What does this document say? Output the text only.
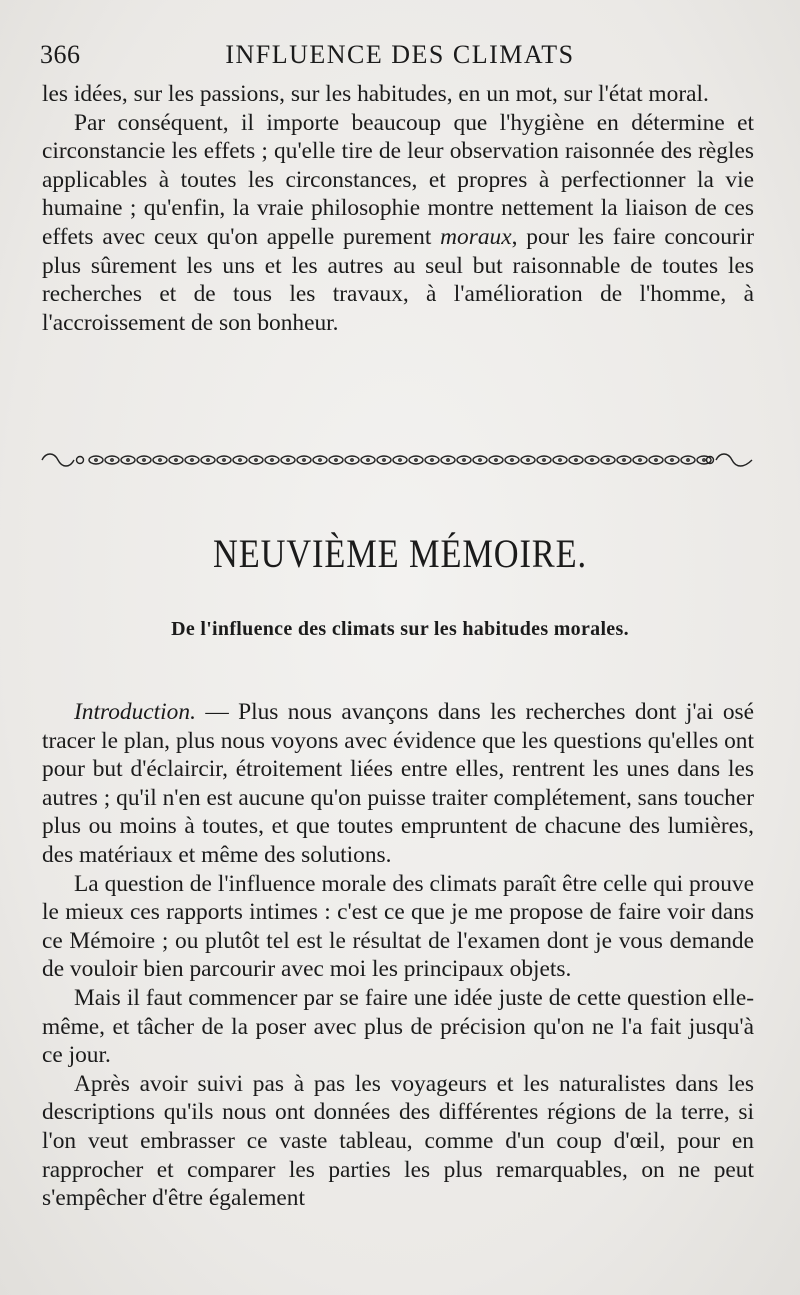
366	INFLUENCE DES CLIMATS

les idées, sur les passions, sur les habitudes, en un mot, sur l'état moral.

Par conséquent, il importe beaucoup que l'hygiène en détermine et circonstancie les effets ; qu'elle tire de leur observation raisonnée des règles applicables à toutes les circonstances, et propres à perfectionner la vie humaine ; qu'enfin, la vraie philosophie montre nettement la liaison de ces effets avec ceux qu'on appelle purement moraux, pour les faire concourir plus sûrement les uns et les autres au seul but raisonnable de toutes les recherches et de tous les travaux, à l'amélioration de l'homme, à l'accroissement de son bonheur.

NEUVIÈME MÉMOIRE.
De l'influence des climats sur les habitudes morales.

Introduction. — Plus nous avançons dans les recherches dont j'ai osé tracer le plan, plus nous voyons avec évidence que les questions qu'elles ont pour but d'éclaircir, étroitement liées entre elles, rentrent les unes dans les autres ; qu'il n'en est aucune qu'on puisse traiter complétement, sans toucher plus ou moins à toutes, et que toutes empruntent de chacune des lumières, des matériaux et même des solutions.

La question de l'influence morale des climats paraît être celle qui prouve le mieux ces rapports intimes : c'est ce que je me propose de faire voir dans ce Mémoire ; ou plutôt tel est le résultat de l'examen dont je vous demande de vouloir bien parcourir avec moi les principaux objets.

Mais il faut commencer par se faire une idée juste de cette question elle-même, et tâcher de la poser avec plus de précision qu'on ne l'a fait jusqu'à ce jour.

Après avoir suivi pas à pas les voyageurs et les naturalistes dans les descriptions qu'ils nous ont données des différentes régions de la terre, si l'on veut embrasser ce vaste tableau, comme d'un coup d'œil, pour en rapprocher et comparer les parties les plus remarquables, on ne peut s'empêcher d'être également
